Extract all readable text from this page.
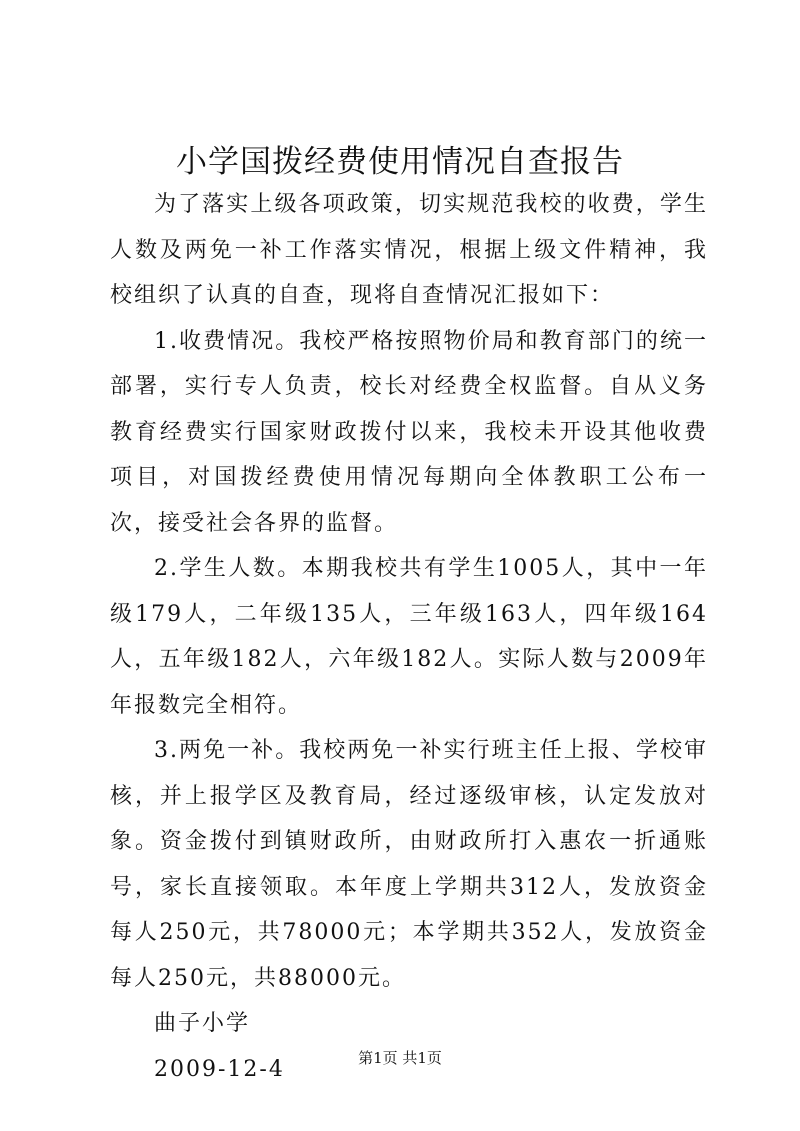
小学国拨经费使用情况自查报告

为了落实上级各项政策，切实规范我校的收费，学生人数及两免一补工作落实情况，根据上级文件精神，我校组织了认真的自查，现将自查情况汇报如下：

1.收费情况。我校严格按照物价局和教育部门的统一部署，实行专人负责，校长对经费全权监督。自从义务教育经费实行国家财政拨付以来，我校未开设其他收费项目，对国拨经费使用情况每期向全体教职工公布一次，接受社会各界的监督。

2.学生人数。本期我校共有学生1005人，其中一年级179人，二年级135人，三年级163人，四年级164人，五年级182人，六年级182人。实际人数与2009年年报数完全相符。

3.两免一补。我校两免一补实行班主任上报、学校审核，并上报学区及教育局，经过逐级审核，认定发放对象。资金拨付到镇财政所，由财政所打入惠农一折通账号，家长直接领取。本年度上学期共312人，发放资金每人250元，共78000元；本学期共352人，发放资金每人250元，共88000元。

曲子小学

2009-12-4	第1页 共1页
